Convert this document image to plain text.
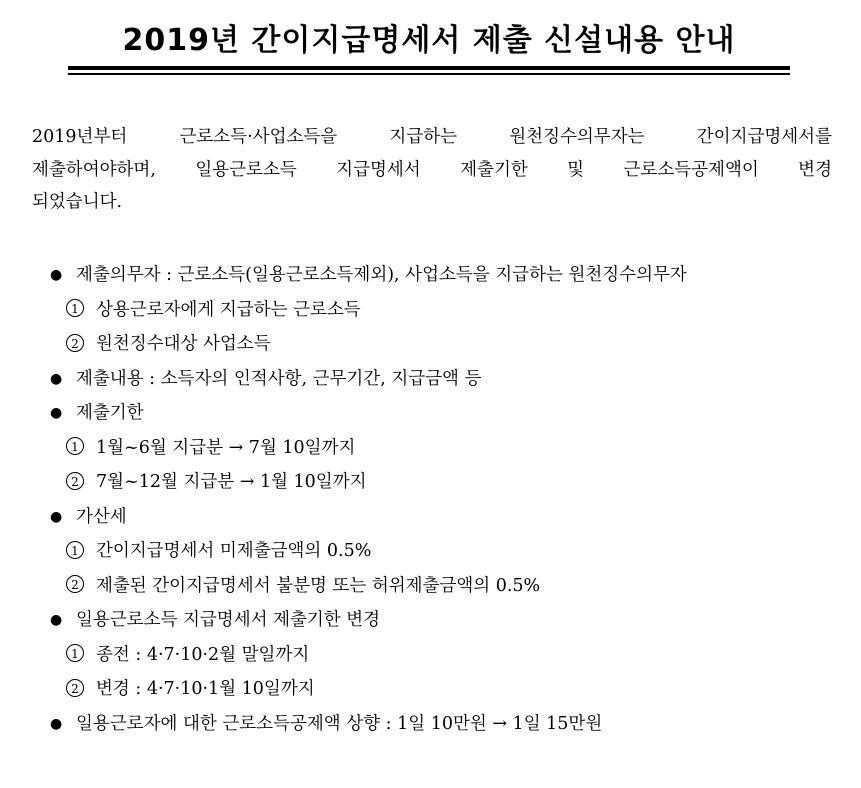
2019년 간이지급명세서 제출 신설내용 안내
2019년부터 근로소득·사업소득을 지급하는 원천징수의무자는 간이지급명세서를
제출하여야하며, 일용근로소득 지급명세서 제출기한 및 근로소득공제액이 변경
되었습니다.
● 제출의무자 : 근로소득(일용근로소득제외), 사업소득을 지급하는 원천징수의무자
1 상용근로자에게 지급하는 근로소득
2 원천징수대상 사업소득
● 제출내용 : 소득자의 인적사항, 근무기간, 지급금액 등
● 제출기한
1 1월~6월 지급분 → 7월 10일까지
2 7월~12월 지급분 → 1월 10일까지
● 가산세
1 간이지급명세서 미제출금액의 0.5%
2 제출된 간이지급명세서 불분명 또는 허위제출금액의 0.5%
● 일용근로소득 지급명세서 제출기한 변경
1 종전 : 4·7·10·2월 말일까지
2 변경 : 4·7·10·1월 10일까지
● 일용근로자에 대한 근로소득공제액 상향 : 1일 10만원 → 1일 15만원
